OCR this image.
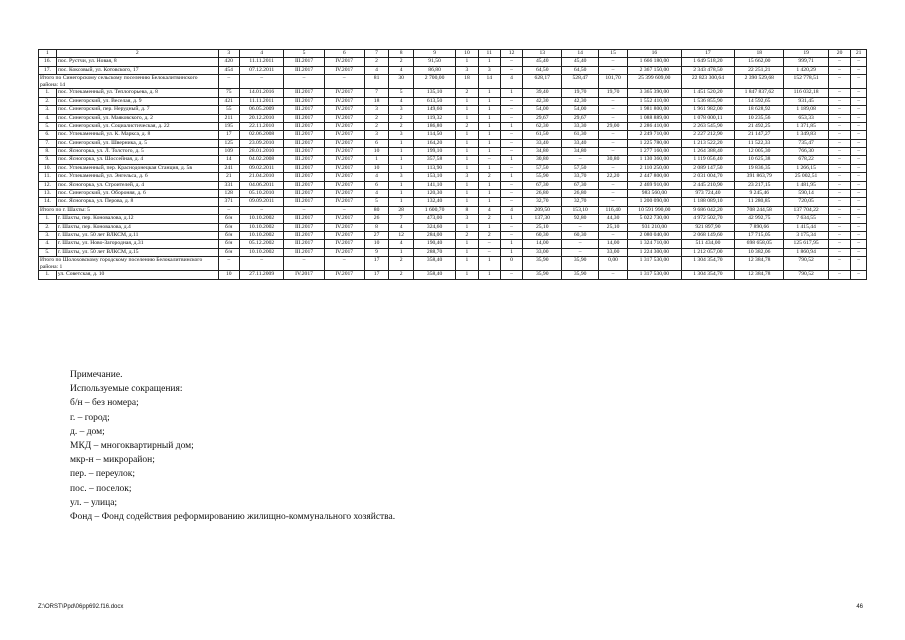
1	2	3	4	5	6	7	8	9	10	11	12	13	14	15	16	17	18	19	20	21
16.	пос. Рустчи, ул. Новая, 8	420	11.11.2011	III.2017	IV.2017	2	2	91,50	1	1	–	45,40	45,40	–	1 666 180,00	1 649 518,20	15 662,00	999,71	–	–
17.	пос. Коксовый, ул. Котовского, 17	454	07.12.2011	III.2017	IV.2017	4	4	86,80	3	3	–	64,50	64,50	–	2 367 150,00	2 343 478,50	22 251,21	1 420,29	–	–
Итого по Синегорскому сельскому поселению Белокалитвинского района: 14		–	–	–	–	81	30	2 700,00	18	14	4	628,17	528,47	101,70	25 399 609,00	22 823 300,64	2 390 529,68	152 778,51	–	–
1.	пос. Углекаменный, ул. Теплогорьева, д. 8	75	14.01.2016	III.2017	IV.2017	7	5	135,10	2	1	1	39,40	19,70	19,70	3 365 390,00	1 451 520,20	1 847 837,62	116 032,18	–	–
2.	пос. Синегорский, ул. Веселая, д. 9	421	11.11.2011	III.2017	IV.2017	18	4	613,50	1	1	–	42,30	42,30	–	1 552 410,00	1 536 855,90	14 592,65	931,45	–	–
3.	пос. Синегорский, пер. Нерудный, д. 7	55	06.05.2009	III.2017	IV.2017	3	3	149,60	1	1	–	54,00	54,00	–	1 981 800,00	1 961 982,00	18 628,92	1 189,08	–	–
4.	пос. Синегорский, ул. Маяковского, д. 2	211	20.12.2010	III.2017	IV.2017	2	2	119,32	1	1	–	29,67	29,67	–	1 088 889,00	1 078 000,11	10 235,56	653,33	–	–
5.	пос. Синегорский, ул. Социалистическая, д. 22	195	22.11.2010	III.2017	IV.2017	2	2	186,80	2	1	1	62,30	33,30	29,00	2 286 410,00	2 263 545,90	21 492,25	1 371,85	–	–
6.	пос. Углекаменный, ул. К. Маркса, д. 8	17	02.06.2008	III.2017	IV.2017	3	3	114,50	1	1	–	61,50	61,30	–	2 249 710,00	2 227 212,90	21 147,27	1 349,83	–	–
7.	пос. Синегорский, ул. Шверника, д. 5	125	23.09.2010	III.2017	IV.2017	6	1	164,20	1	1	–	33,40	33,40	–	1 225 780,00	1 213 522,20	11 522,33	735,47	–	–
8.	пос. Ясногорка, ул. Л. Толстого, д. 5	109	28.01.2010	III.2017	IV.2017	10	1	199,10	1	1	–	34,80	34,80	–	1 277 160,00	1 264 388,40	12 005,30	766,30	–	–
9.	пос. Ясногорка, ул. Шоссейная, д. 4	14	04.02.2008	III.2017	IV.2017	1	1	357,58	1	–	1	30,80	–	30,80	1 130 360,00	1 119 056,40	10 625,38	678,22	–	–
10.	пос. Углекаменный, пер. Краснодонецкая Станция, д. 5в	241	09.02.2011	III.2017	IV.2017	10	1	113,90	1	1	–	57,50	57,50	–	2 110 250,00	2 089 147,50	19 836,35	1 266,15	–	–
11.	пос. Углекаменный, ул. Энгельса, д. 6	21	21.04.2010	III.2017	IV.2017	4	3	153,10	3	2	1	55,90	33,70	22,20	2 447 800,00	2 031 004,70	391 863,79	25 002,51	–	–
12.	пос. Ясногорка, ул. Строителей, д. 4	331	04.06.2011	III.2017	IV.2017	6	1	141,10	1	1	–	67,30	67,30	–	2 469 910,00	2 445 210,90	23 217,15	1 481,95	–	–
13.	пос. Синегорский, ул. Обороняя, д. 6	128	05.10.2010	III.2017	IV.2017	4	1	120,30	1	1	–	26,80	26,80	–	983 560,00	973 724,40	9 245,46	590,14	–	–
14.	пос. Ясногорка, ул. Перова, д. 8	371	09.09.2011	III.2017	IV.2017	5	1	132,40	1	1	–	32,70	32,70	–	1 200 090,00	1 188 089,10	11 280,85	720,05	–	–
Итого по г. Шахты: 5		–	–	–	–	80	28	1 600,70	8	4	4	209,50	153,10	116,40	10 591 990,00	9 686 042,20	708 244,58	137 704,22	–	–
1.	г. Шахты, пер. Коновалова, д.12	б/н	10.10.2002	III.2017	IV.2017	26	7	473,00	3	2	1	137,30	92,80	44,30	5 022 730,00	4 972 502,70	42 992,75	7 634,55	–	–
2.	г. Шахты, пер. Коновалова, д.4	б/н	10.10.2002	III.2017	IV.2017	8	4	324,60	1	1	–	25,10	–	25,10	931 210,00	921 897,90	7 890,66	1 415,44	–	–
3.	г. Шахты, ул. 50 лет ВЛКСМ, д.11	б/н	10.10.2002	III.2017	IV.2017	27	12	284,00	2	2	–	60,30	60,30	–	2 080 040,00	2 068 149,60	17 715,05	3 175,34	–	–
4.	г. Шахты, ул. Ново-Загородная, д.31	б/н	05.12.2002	III.2017	IV.2017	10	4	190,40	1	–	1	14,00	–	14,00	1 324 710,00	511 434,00	698 658,05	125 617,95	–	–
5.	г. Шахты, ул. 50 лет ВЛКСМ, д.15	б/н	10.10.2002	III.2017	IV.2017	9	1	288,70	1	–	1	33,00	–	33,00	1 224 300,00	1 212 057,00	10 382,06	1 860,94	–	–
Итого по Шолоховскому городскому поселению Белокалитвинского района: 1		–	–	–	–	17	2	358,40	1	1	0	35,90	35,90	0,00	1 317 530,00	1 304 354,70	12 384,78	790,52	–	–
1.	ул. Советская, д. 10	10	27.11.2009	IV.2017	IV.2017	17	2	358,40	1	1	–	35,90	35,90	–	1 317 530,00	1 304 354,70	12 384,78	790,52	–	–
Примечание.
Используемые сокращения:
б/н – без номера;
г. – город;
д. – дом;
МКД – многоквартирный дом;
мкр-н – микрорайон;
пер. – переулок;
пос. – поселок;
ул. – улица;
Фонд – Фонд содействия реформированию жилищно-коммунального хозяйства.
Z:\ORST\Ppd\06pp692.f16.docx	46
